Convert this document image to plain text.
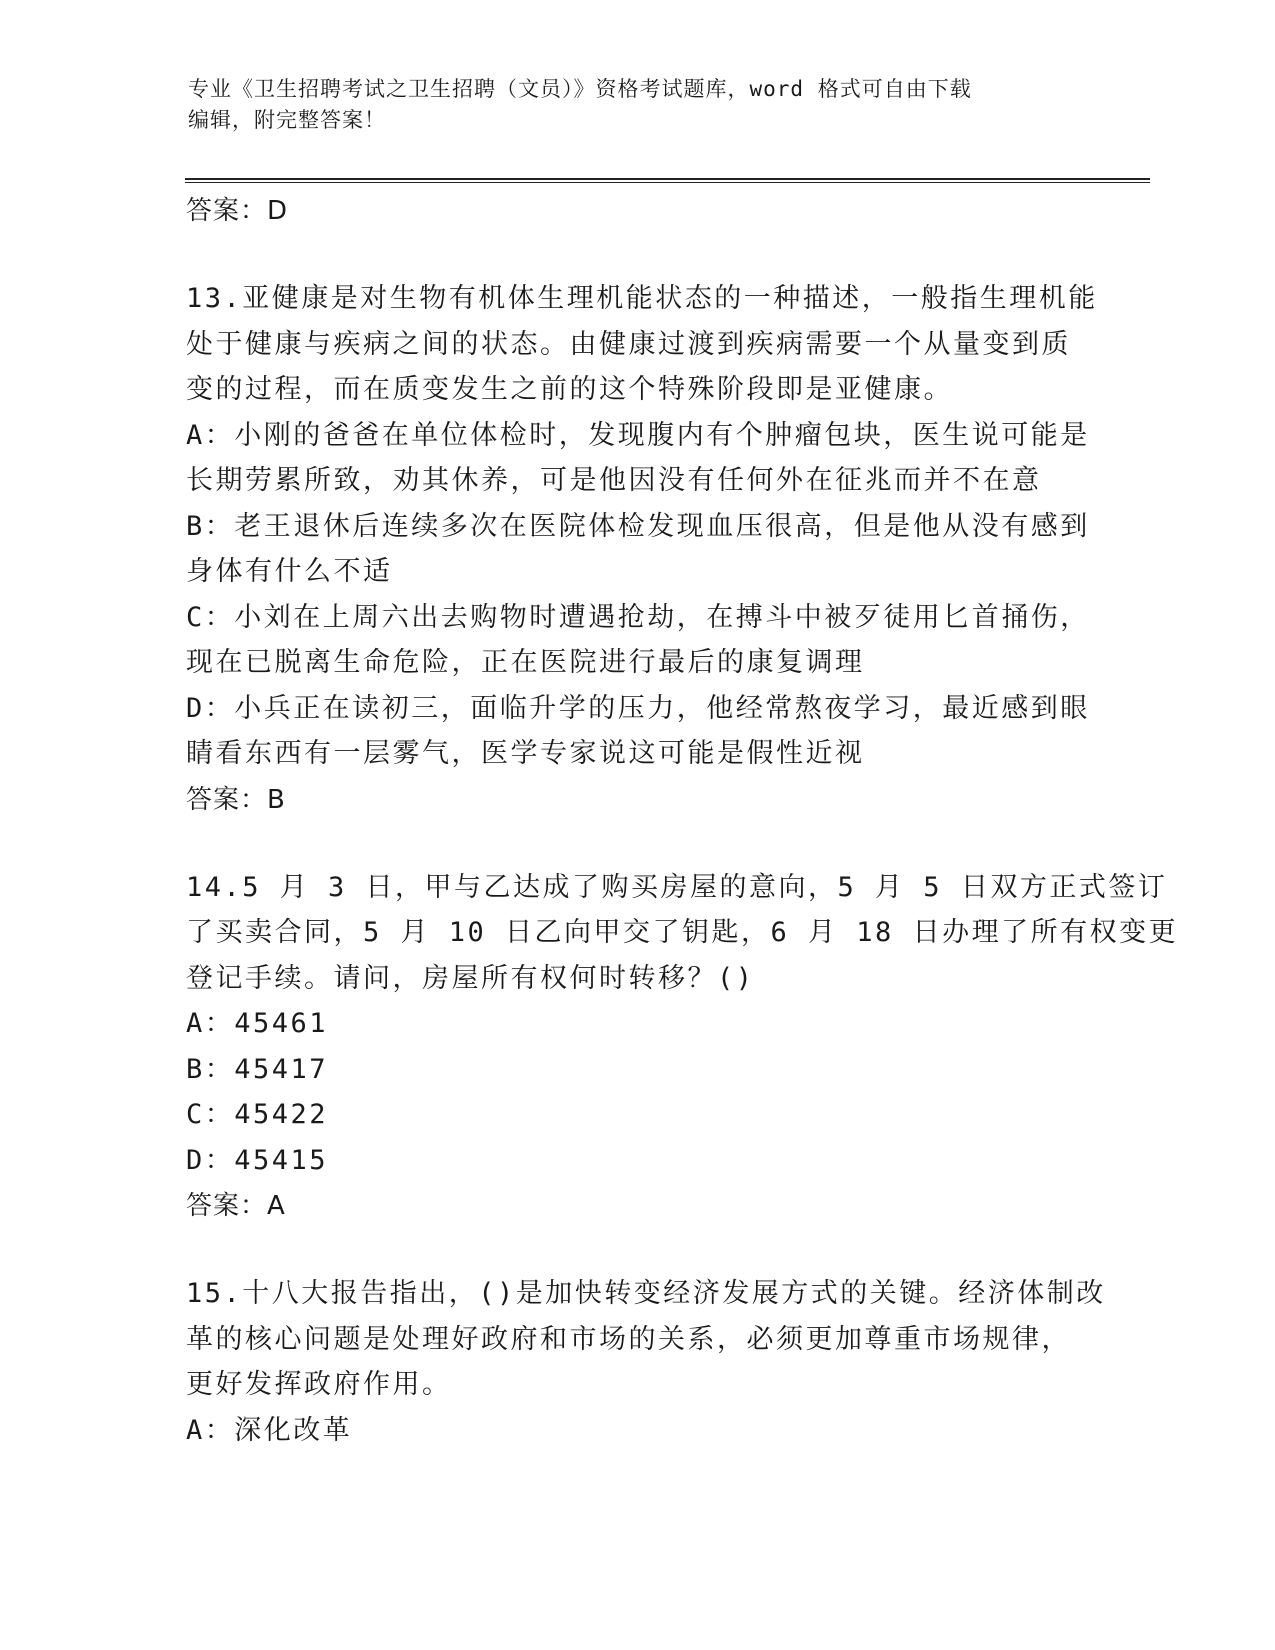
专业《卫生招聘考试之卫生招聘（文员）》资格考试题库，word 格式可自由下载
编辑，附完整答案！
答案：D
13.亚健康是对生物有机体生理机能状态的一种描述，一般指生理机能
处于健康与疾病之间的状态。由健康过渡到疾病需要一个从量变到质
变的过程，而在质变发生之前的这个特殊阶段即是亚健康。
A：小刚的爸爸在单位体检时，发现腹内有个肿瘤包块，医生说可能是
长期劳累所致，劝其休养，可是他因没有任何外在征兆而并不在意
B：老王退休后连续多次在医院体检发现血压很高，但是他从没有感到
身体有什么不适
C：小刘在上周六出去购物时遭遇抢劫，在搏斗中被歹徒用匕首捅伤，
现在已脱离生命危险，正在医院进行最后的康复调理
D：小兵正在读初三，面临升学的压力，他经常熬夜学习，最近感到眼
睛看东西有一层雾气，医学专家说这可能是假性近视
答案：B
14.5 月 3 日，甲与乙达成了购买房屋的意向，5 月 5 日双方正式签订
了买卖合同，5 月 10 日乙向甲交了钥匙，6 月 18 日办理了所有权变更
登记手续。请问，房屋所有权何时转移？()
A：45461
B：45417
C：45422
D：45415
答案：A
15.十八大报告指出，()是加快转变经济发展方式的关键。经济体制改
革的核心问题是处理好政府和市场的关系，必须更加尊重市场规律，
更好发挥政府作用。
A：深化改革
